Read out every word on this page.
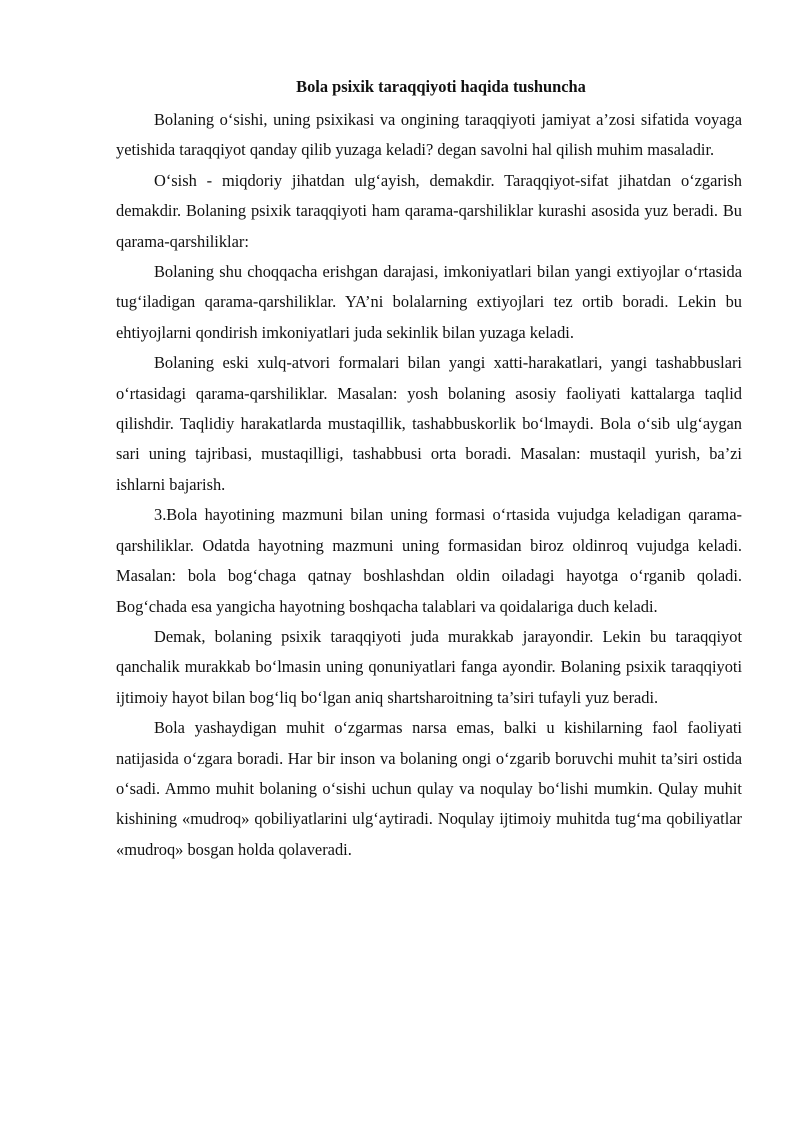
Bola psixik taraqqiyoti haqida tushuncha

Bolaning o‘sishi, uning psixikasi va ongining taraqqiyoti jamiyat a’zosi sifatida voyaga yetishida taraqqiyot qanday qilib yuzaga keladi? degan savolni hal qilish muhim masaladir.

O‘sish - miqdoriy jihatdan ulg‘ayish, demakdir. Taraqqiyot-sifat jihatdan o‘zgarish demakdir. Bolaning psixik taraqqiyoti ham qarama-qarshiliklar kurashi asosida yuz beradi. Bu qarama-qarshiliklar:

Bolaning shu choqqacha erishgan darajasi, imkoniyatlari bilan yangi extiyojlar o‘rtasida tug‘iladigan qarama-qarshiliklar. YA’ni bolalarning extiyojlari tez ortib boradi. Lekin bu ehtiyojlarni qondirish imkoniyatlari juda sekinlik bilan yuzaga keladi.

Bolaning eski xulq-atvori formalari bilan yangi xatti-harakatlari, yangi tashabbuslari o‘rtasidagi qarama-qarshiliklar. Masalan: yosh bolaning asosiy faoliyati kattalarga taqlid qilishdir. Taqlidiy harakatlarda mustaqillik, tashabbuskorlik bo‘lmaydi. Bola o‘sib ulg‘aygan sari uning tajribasi, mustaqilligi, tashabbusi orta boradi. Masalan: mustaqil yurish, ba’zi ishlarni bajarish.

3.Bola hayotining mazmuni bilan uning formasi o‘rtasida vujudga keladigan qarama-qarshiliklar. Odatda hayotning mazmuni uning formasidan biroz oldinroq vujudga keladi. Masalan: bola bog‘chaga qatnay boshlashdan oldin oiladagi hayotga o‘rganib qoladi. Bog‘chada esa yangicha hayotning boshqacha talablari va qoidalariga duch keladi.

Demak, bolaning psixik taraqqiyoti juda murakkab jarayondir. Lekin bu taraqqiyot qanchalik murakkab bo‘lmasin uning qonuniyatlari fanga ayondir. Bolaning psixik taraqqiyoti ijtimoiy hayot bilan bog‘liq bo‘lgan aniq shartsharoitning ta’siri tufayli yuz beradi.

Bola yashaydigan muhit o‘zgarmas narsa emas, balki u kishilarning faol faoliyati natijasida o‘zgara boradi. Har bir inson va bolaning ongi o‘zgarib boruvchi muhit ta’siri ostida o‘sadi. Ammo muhit bolaning o‘sishi uchun qulay va noqulay bo‘lishi mumkin. Qulay muhit kishining «mudroq» qobiliyatlarini ulg‘aytiradi. Noqulay ijtimoiy muhitda tug‘ma qobiliyatlar «mudroq» bosgan holda qolaveradi.
